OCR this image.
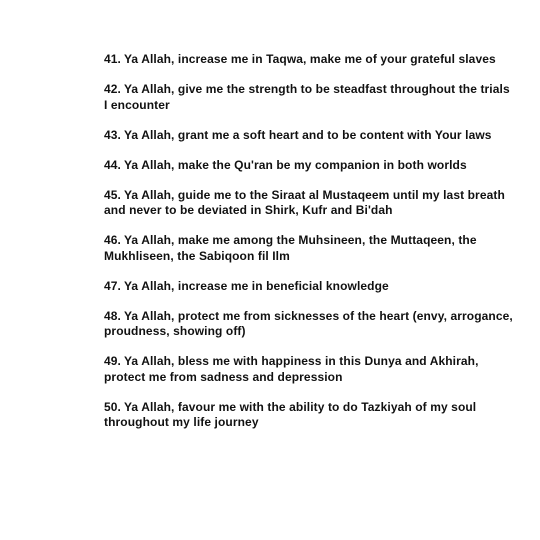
41. Ya Allah, increase me in Taqwa, make me of your grateful slaves
42. Ya Allah, give me the strength to be steadfast throughout the trials I encounter
43. Ya Allah, grant me a soft heart and to be content with Your laws
44. Ya Allah, make the Qu'ran be my companion in both worlds
45. Ya Allah, guide me to the Siraat al Mustaqeem until my last breath and never to be deviated in Shirk, Kufr and Bi'dah
46. Ya Allah, make me among the Muhsineen, the Muttaqeen, the Mukhliseen, the Sabiqoon fil Ilm
47. Ya Allah, increase me in beneficial knowledge
48. Ya Allah, protect me from sicknesses of the heart (envy, arrogance, proudness, showing off)
49. Ya Allah, bless me with happiness in this Dunya and Akhirah, protect me from sadness and depression
50. Ya Allah, favour me with the ability to do Tazkiyah of my soul throughout my life journey
